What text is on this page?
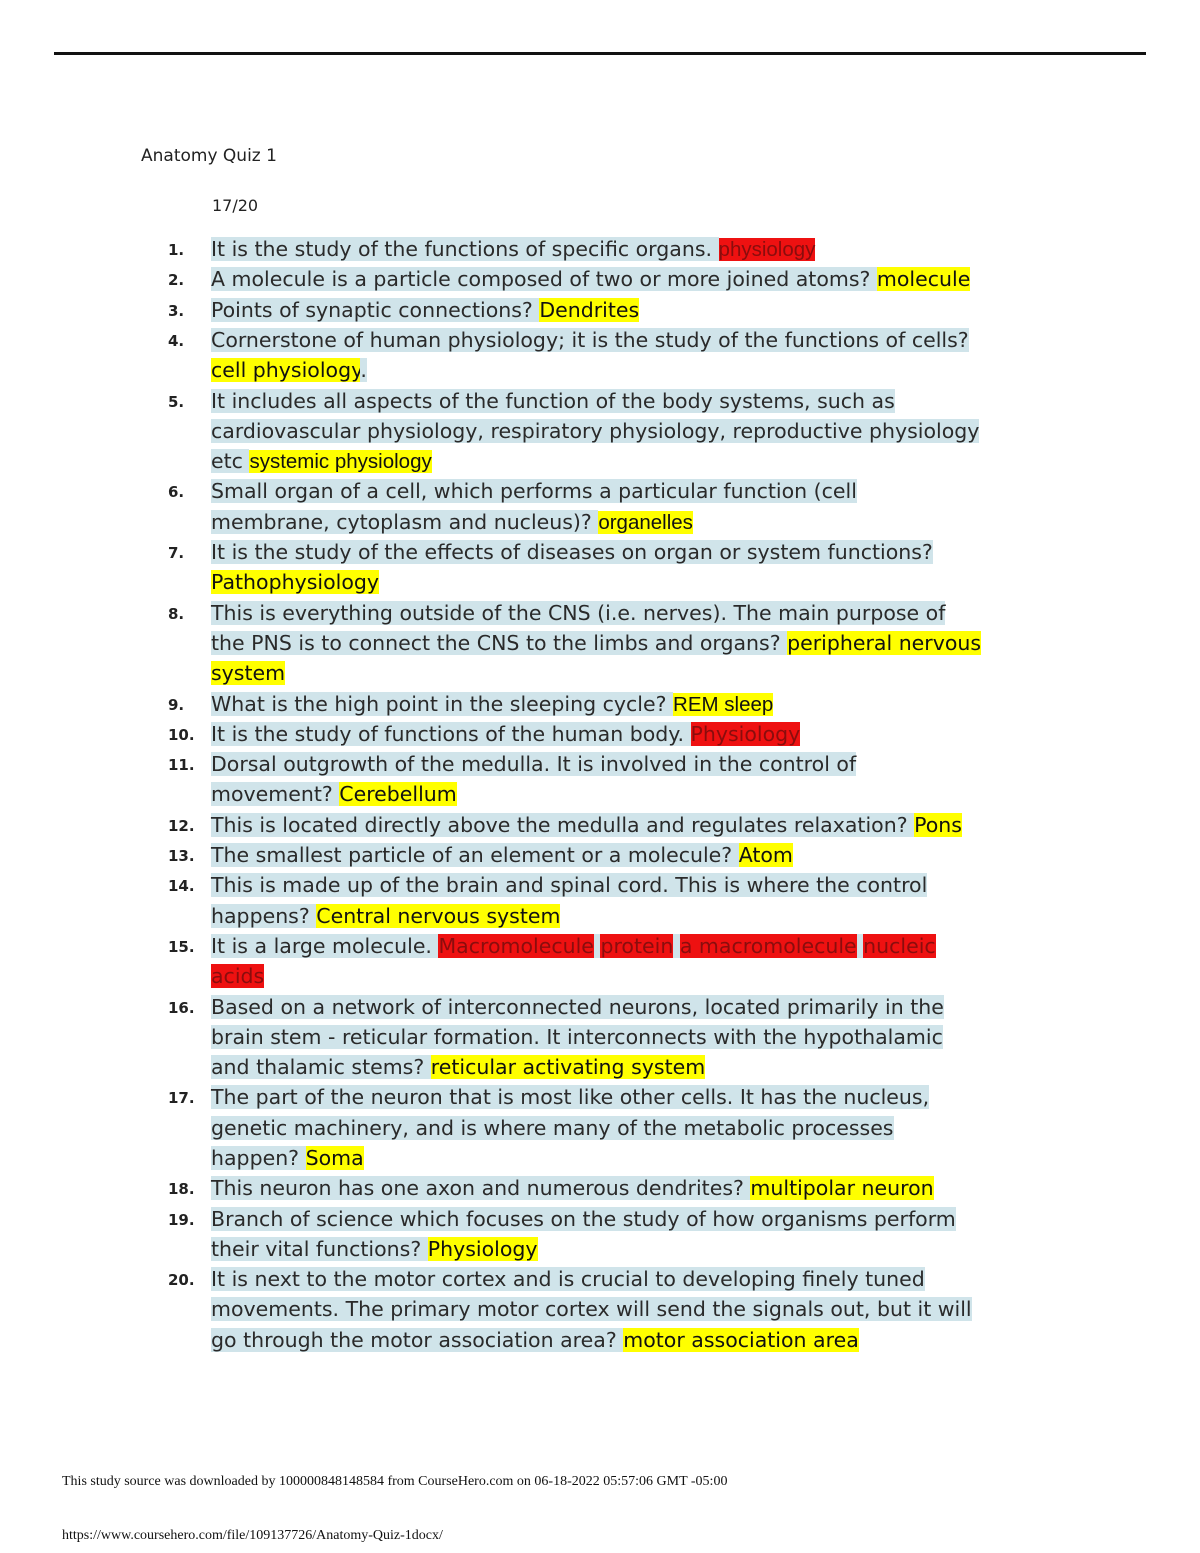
Anatomy Quiz 1
17/20
1.	It is the study of the functions of specific organs. physiology
2.	A molecule is a particle composed of two or more joined atoms? molecule
3.	Points of synaptic connections? Dendrites
4.	Cornerstone of human physiology; it is the study of the functions of cells?
cell physiology.
5.	It includes all aspects of the function of the body systems, such as
cardiovascular physiology, respiratory physiology, reproductive physiology
etc systemic physiology
6.	Small organ of a cell, which performs a particular function (cell
membrane, cytoplasm and nucleus)? organelles
7.	It is the study of the effects of diseases on organ or system functions?
Pathophysiology
8.	This is everything outside of the CNS (i.e. nerves). The main purpose of
the PNS is to connect the CNS to the limbs and organs? peripheral nervous
system
9.	What is the high point in the sleeping cycle? REM sleep
10. It is the study of functions of the human body. Physiology
11. Dorsal outgrowth of the medulla. It is involved in the control of
movement? Cerebellum
12. This is located directly above the medulla and regulates relaxation? Pons
13. The smallest particle of an element or a molecule? Atom
14. This is made up of the brain and spinal cord. This is where the control
happens? Central nervous system
15. It is a large molecule. Macromolecule protein a macromolecule nucleic
acids
16. Based on a network of interconnected neurons, located primarily in the
brain stem - reticular formation. It interconnects with the hypothalamic
and thalamic stems? reticular activating system
17. The part of the neuron that is most like other cells. It has the nucleus,
genetic machinery, and is where many of the metabolic processes
happen? Soma
18. This neuron has one axon and numerous dendrites? multipolar neuron
19. Branch of science which focuses on the study of how organisms perform
their vital functions? Physiology
20. It is next to the motor cortex and is crucial to developing finely tuned
movements. The primary motor cortex will send the signals out, but it will
go through the motor association area? motor association area
This study source was downloaded by 100000848148584 from CourseHero.com on 06-18-2022 05:57:06 GMT -05:00
https://www.coursehero.com/file/109137726/Anatomy-Quiz-1docx/
